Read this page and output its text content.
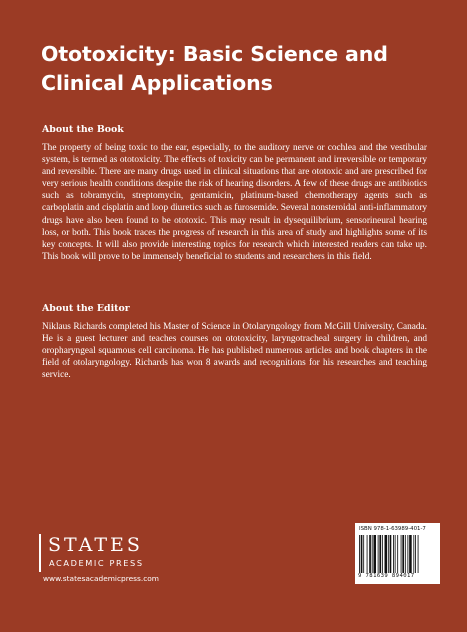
Ototoxicity: Basic Science and Clinical Applications
About the Book

The property of being toxic to the ear, especially, to the auditory nerve or cochlea and the vestibular system, is termed as ototoxicity. The effects of toxicity can be permanent and irreversible or temporary and reversible. There are many drugs used in clinical situations that are ototoxic and are prescribed for very serious health conditions despite the risk of hearing disorders. A few of these drugs are antibiotics such as tobramycin, streptomycin, gentamicin, platinum-based chemotherapy agents such as carboplatin and cisplatin and loop diuretics such as furosemide. Several nonsteroidal anti-inflammatory drugs have also been found to be ototoxic. This may result in dysequilibrium, sensorineural hearing loss, or both. This book traces the progress of research in this area of study and highlights some of its key concepts. It will also provide interesting topics for research which interested readers can take up. This book will prove to be immensely beneficial to students and researchers in this field.

About the Editor

Niklaus Richards completed his Master of Science in Otolaryngology from McGill University, Canada. He is a guest lecturer and teaches courses on ototoxicity, laryngotracheal surgery in children, and oropharyngeal squamous cell carcinoma. He has published numerous articles and book chapters in the field of otolaryngology. Richards has won 8 awards and recognitions for his researches and teaching service.

STATES
ACADEMIC PRESS
www.statesacademicpress.com
ISBN 978-1-63989-401-7
9 781639 894017
